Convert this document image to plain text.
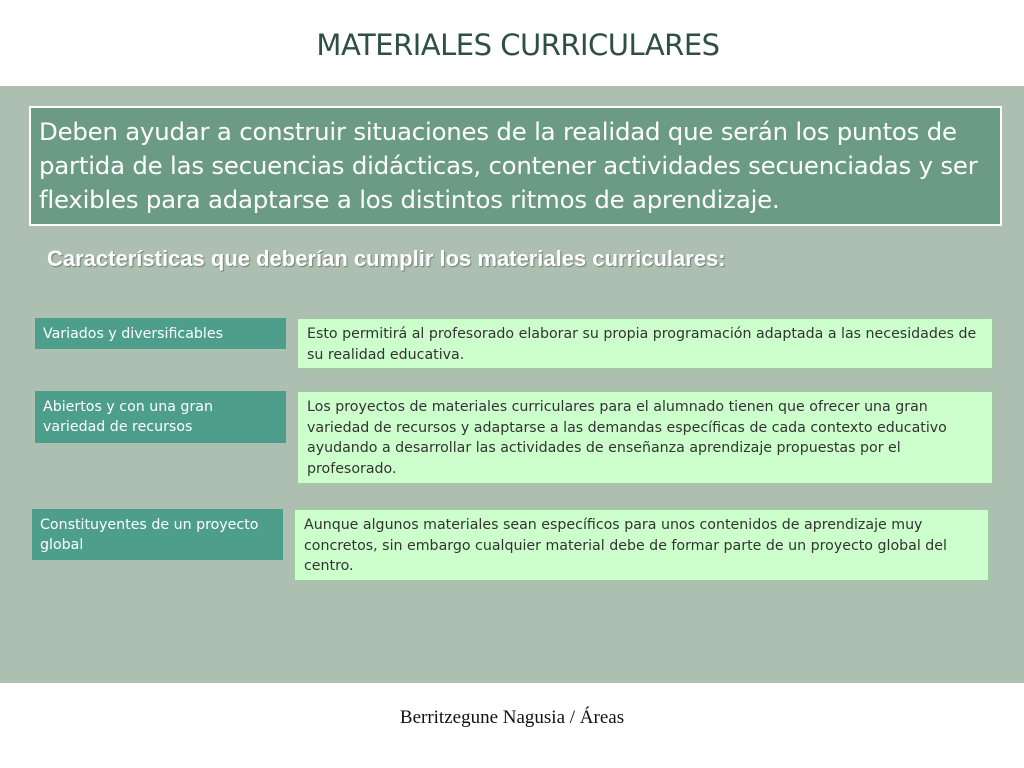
MATERIALES CURRICULARES
Deben ayudar a construir situaciones de la realidad que serán los puntos de partida de las secuencias didácticas, contener actividades secuenciadas y ser flexibles para adaptarse a los distintos ritmos de aprendizaje.
Características que deberían cumplir los materiales curriculares:
Variados y diversificables	Esto permitirá al profesorado elaborar su propia programación adaptada a las necesidades de su realidad educativa.
Abiertos y con una gran variedad de recursos
Los proyectos de materiales curriculares para el alumnado tienen que ofrecer una gran variedad de recursos y adaptarse a las demandas específicas de cada contexto educativo ayudando a desarrollar las actividades de enseñanza aprendizaje propuestas por el profesorado.
Constituyentes de un proyecto global
Aunque algunos materiales sean específicos para unos contenidos de aprendizaje muy concretos, sin embargo cualquier material debe de formar parte de un proyecto global del centro.
Berritzegune Nagusia / Áreas
